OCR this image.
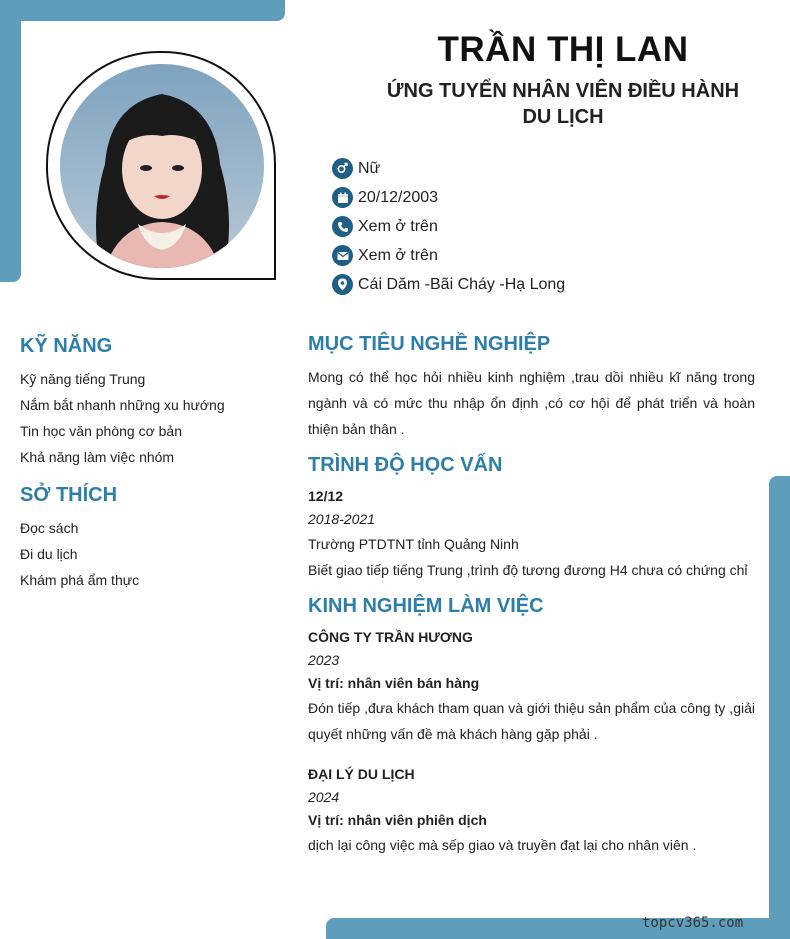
TRẦN THỊ LAN
ỨNG TUYỂN NHÂN VIÊN ĐIỀU HÀNH DU LỊCH
Nữ
20/12/2003
Xem ở trên
Xem ở trên
Cái Dăm -Bãi Cháy -Hạ Long
KỸ NĂNG
Kỹ năng tiếng Trung
Nắm bắt nhanh những xu hướng
Tin học văn phòng cơ bản
Khả năng làm việc nhóm
SỞ THÍCH
Đọc sách
Đi du lịch
Khám phá ẩm thực
MỤC TIÊU NGHỀ NGHIỆP

Mong có thể học hỏi nhiều kinh nghiệm ,trau dồi nhiều kĩ năng trong ngành và có mức thu nhập ổn định ,có cơ hội để phát triển và hoàn thiện bản thân .

TRÌNH ĐỘ HỌC VẤN

12/12

2018-2021

Trường PTDTNT tỉnh Quảng Ninh

Biết giao tiếp tiếng Trung ,trình độ tương đương H4 chưa có chứng chỉ

KINH NGHIỆM LÀM VIỆC

CÔNG TY TRẦN HƯƠNG

2023

Vị trí: nhân viên bán hàng

Đón tiếp ,đưa khách tham quan và giới thiệu sản phẩm của công ty ,giải quyết những vấn đề mà khách hàng gặp phải .

ĐẠI LÝ DU LỊCH

2024

Vị trí: nhân viên phiên dịch

dịch lại công việc mà sếp giao và truyền đạt lại cho nhân viên .

topcv365.com
